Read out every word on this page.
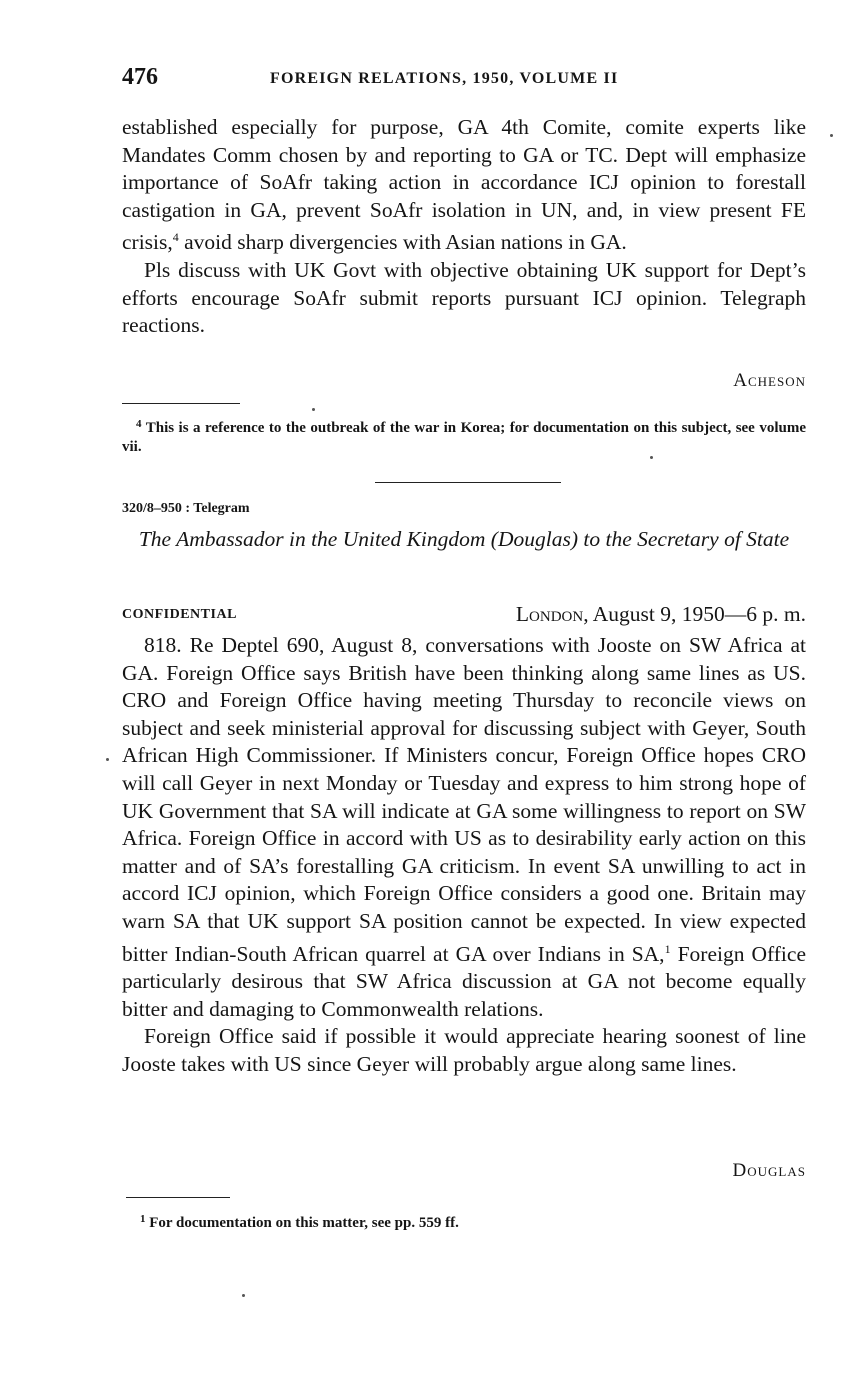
476	FOREIGN RELATIONS, 1950, VOLUME II

established especially for purpose, GA 4th Comite, comite experts like Mandates Comm chosen by and reporting to GA or TC. Dept will emphasize importance of SoAfr taking action in accordance ICJ opinion to forestall castigation in GA, prevent SoAfr isolation in UN, and, in view present FE crisis,$^4$ avoid sharp divergencies with Asian nations in GA.

Pls discuss with UK Govt with objective obtaining UK support for Dept’s efforts encourage SoAfr submit reports pursuant ICJ opinion. Telegraph reactions.

Acheson
$^4$ This is a reference to the outbreak of the war in Korea; for documentation on this subject, see volume vii.
320/8–950 : Telegram
The Ambassador in the United Kingdom (Douglas) to the Secretary of State
CONFIDENTIAL	London, August 9, 1950—6 p. m.

818. Re Deptel 690, August 8, conversations with Jooste on SW Africa at GA. Foreign Office says British have been thinking along same lines as US. CRO and Foreign Office having meeting Thursday to reconcile views on subject and seek ministerial approval for discussing subject with Geyer, South African High Commissioner. If Ministers concur, Foreign Office hopes CRO will call Geyer in next Monday or Tuesday and express to him strong hope of UK Government that SA will indicate at GA some willingness to report on SW Africa. Foreign Office in accord with US as to desirability early action on this matter and of SA’s forestalling GA criticism. In event SA unwilling to act in accord ICJ opinion, which Foreign Office considers a good one. Britain may warn SA that UK support SA position cannot be expected. In view expected bitter Indian-South African quarrel at GA over Indians in SA,$^1$ Foreign Office particularly desirous that SW Africa discussion at GA not become equally bitter and damaging to Commonwealth relations.

Foreign Office said if possible it would appreciate hearing soonest of line Jooste takes with US since Geyer will probably argue along same lines.

Douglas
$^1$ For documentation on this matter, see pp. 559 ff.
